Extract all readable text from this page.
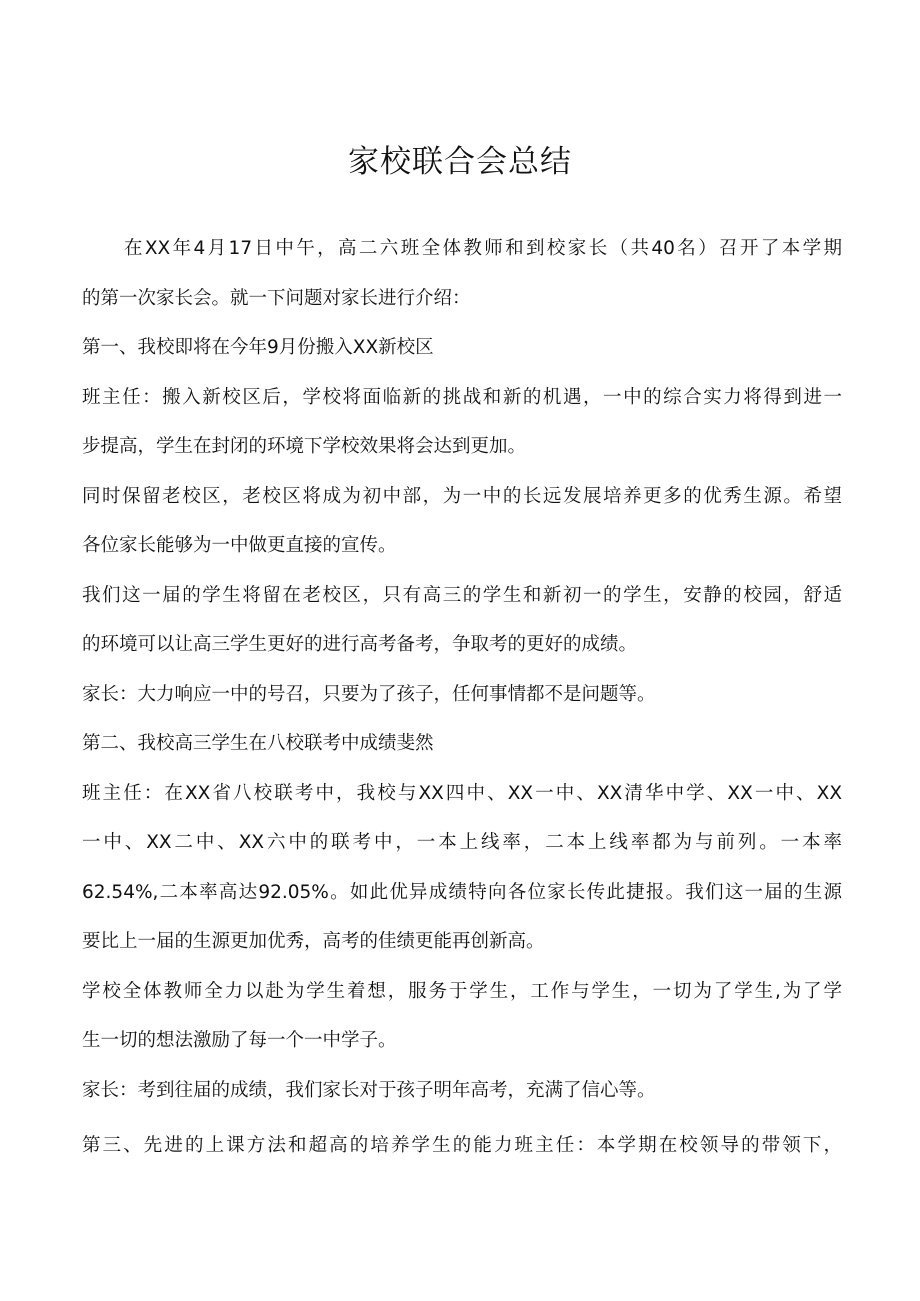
家校联合会总结
在XX年4月17日中午，高二六班全体教师和到校家长（共40名）召开了本学期
的第一次家长会。就一下问题对家长进行介绍：
第一、我校即将在今年9月份搬入XX新校区
班主任：搬入新校区后，学校将面临新的挑战和新的机遇，一中的综合实力将得到进一
步提高，学生在封闭的环境下学校效果将会达到更加。
同时保留老校区，老校区将成为初中部，为一中的长远发展培养更多的优秀生源。希望
各位家长能够为一中做更直接的宣传。
我们这一届的学生将留在老校区，只有高三的学生和新初一的学生，安静的校园，舒适
的环境可以让高三学生更好的进行高考备考，争取考的更好的成绩。
家长：大力响应一中的号召，只要为了孩子，任何事情都不是问题等。
第二、我校高三学生在八校联考中成绩斐然
班主任：在XX省八校联考中，我校与XX四中、XX一中、XX清华中学、XX一中、XX
一中、XX二中、XX六中的联考中，一本上线率，二本上线率都为与前列。一本率
62.54%,二本率高达92.05%。如此优异成绩特向各位家长传此捷报。我们这一届的生源
要比上一届的生源更加优秀，高考的佳绩更能再创新高。
学校全体教师全力以赴为学生着想，服务于学生，工作与学生，一切为了学生,为了学
生一切的想法激励了每一个一中学子。
家长：考到往届的成绩，我们家长对于孩子明年高考，充满了信心等。
第三、先进的上课方法和超高的培养学生的能力班主任：本学期在校领导的带领下，
